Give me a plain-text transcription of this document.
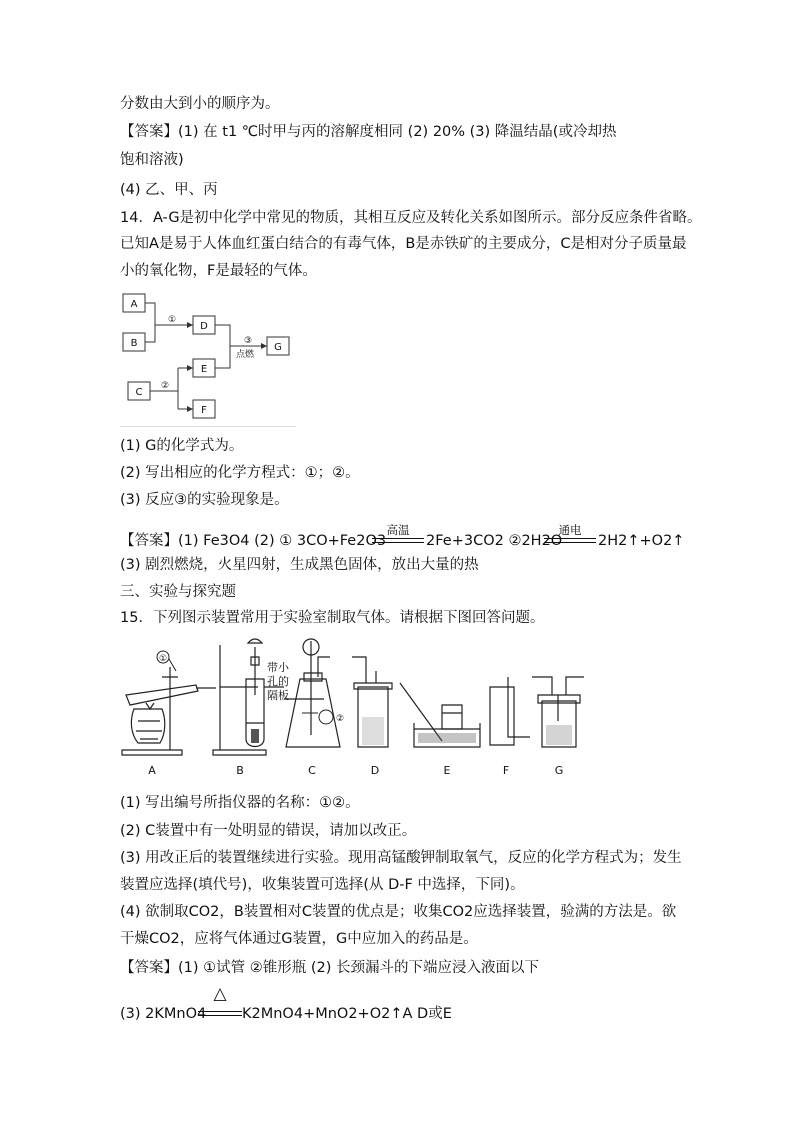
分数由大到小的顺序为。
【答案】(1) 在 t1 ℃时甲与丙的溶解度相同 (2) 20% (3) 降温结晶(或冷却热
饱和溶液)
(4) 乙、甲、丙
14．A-G是初中化学中常见的物质，其相互反应及转化关系如图所示。部分反应条件省略。
已知A是易于人体血红蛋白结合的有毒气体，B是赤铁矿的主要成分，C是相对分子质量最
小的氧化物，F是最轻的气体。
A
B
D
G
E
F
C
①
②
③
点燃
(1) G的化学式为。
(2) 写出相应的化学方程式：①；②。
(3) 反应③的实验现象是。
【答案】(1) Fe3O4 (2) ① 3CO+Fe2O3
高温
2Fe+3CO2 ②2H2O
通电
2H2↑+O2↑
(3) 剧烈燃烧，火星四射，生成黑色固体，放出大量的热
三、实验与探究题
15．下列图示装置常用于实验室制取气体。请根据下图回答问题。
①
②
带小
孔的
隔板
A	B	C	D	E	F	G
(1) 写出编号所指仪器的名称：①②。
(2) C装置中有一处明显的错误，请加以改正。
(3) 用改正后的装置继续进行实验。现用高锰酸钾制取氧气，反应的化学方程式为；发生
装置应选择(填代号)，收集装置可选择(从 D-F 中选择，下同)。
(4) 欲制取CO2，B装置相对C装置的优点是；收集CO2应选择装置，验满的方法是。欲
干燥CO2，应将气体通过G装置，G中应加入的药品是。
【答案】(1) ①试管 ②锥形瓶 (2) 长颈漏斗的下端应浸入液面以下
(3) 2KMnO4
△
K2MnO4+MnO2+O2↑A D或E
